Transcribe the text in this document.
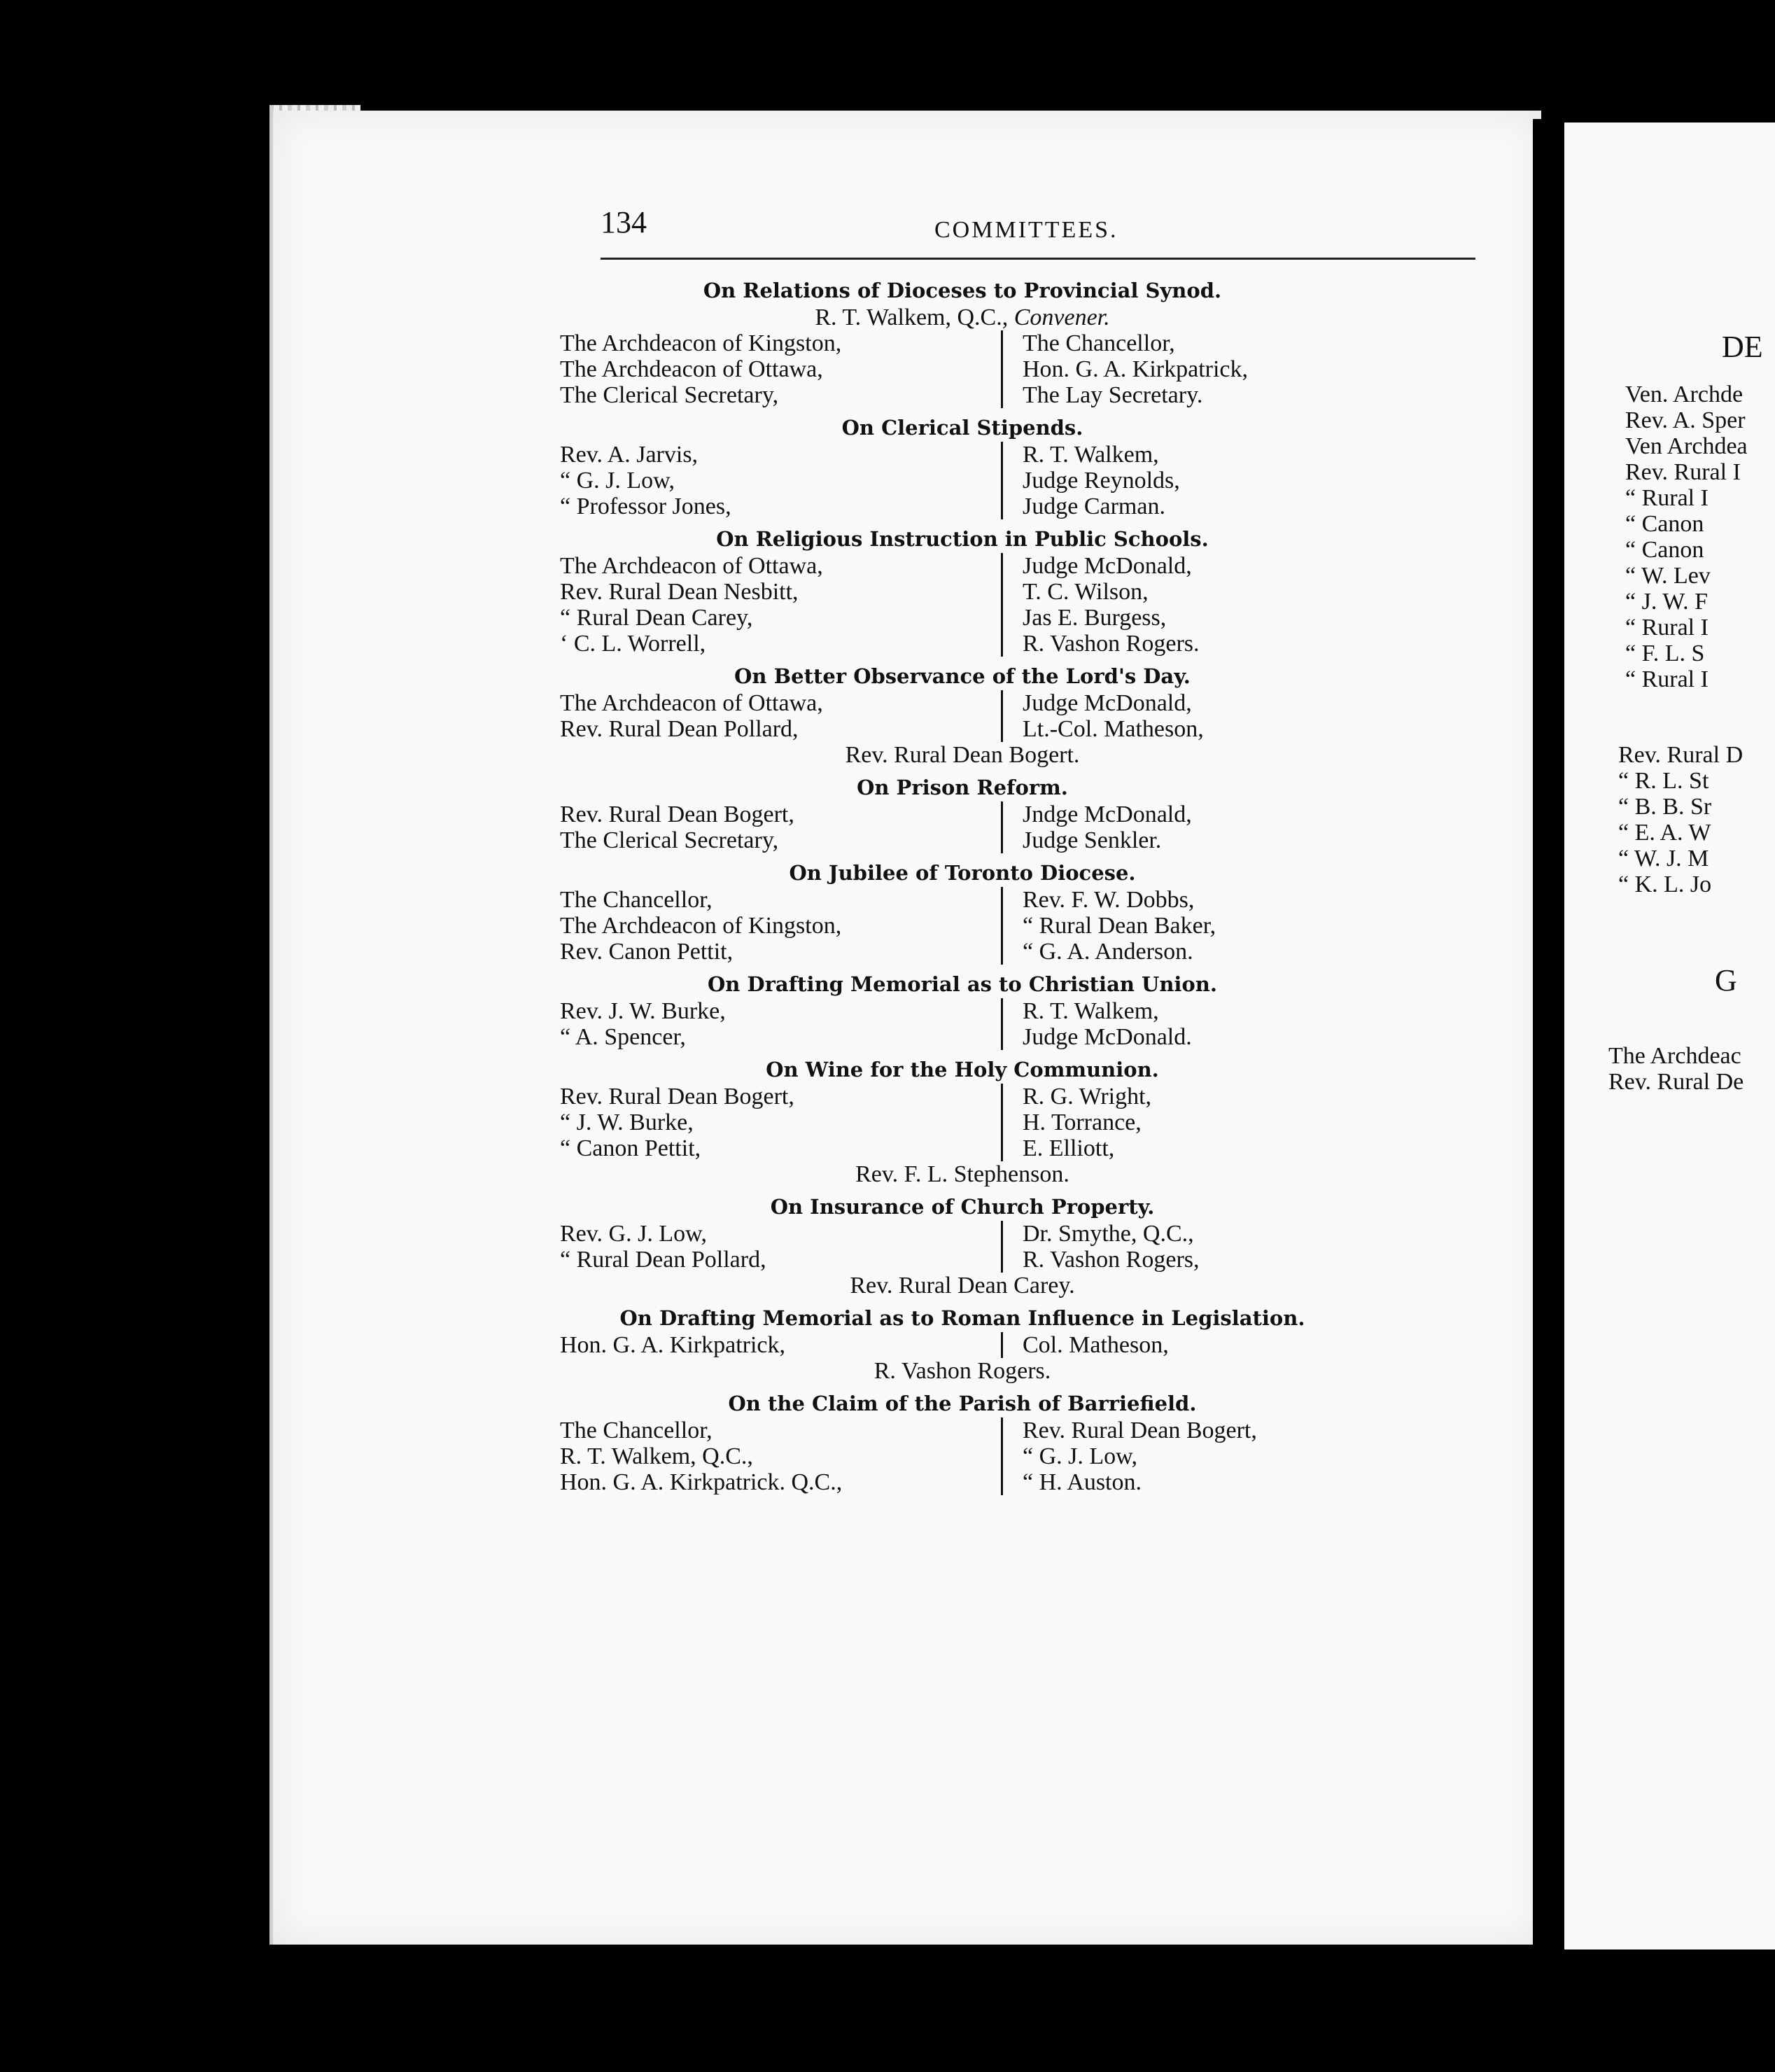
134	COMMITTEES.
On Relations of Dioceses to Provincial Synod.
R. T. Walkem, Q.C., Convener.
The Archdeacon of Kingston,
The Archdeacon of Ottawa,
The Clerical Secretary,
The Chancellor,
Hon. G. A. Kirkpatrick,
The Lay Secretary.
On Clerical Stipends.
Rev. A. Jarvis,
“ G. J. Low,
“ Professor Jones,
R. T. Walkem,
Judge Reynolds,
Judge Carman.
On Religious Instruction in Public Schools.
The Archdeacon of Ottawa,
Rev. Rural Dean Nesbitt,
“ Rural Dean Carey,
‘ C. L. Worrell,
Judge McDonald,
T. C. Wilson,
Jas E. Burgess,
R. Vashon Rogers.
On Better Observance of the Lord's Day.
The Archdeacon of Ottawa,
Rev. Rural Dean Pollard,
Judge McDonald,
Lt.-Col. Matheson,
Rev. Rural Dean Bogert.
On Prison Reform.
Rev. Rural Dean Bogert,
The Clerical Secretary,
Jndge McDonald,
Judge Senkler.
On Jubilee of Toronto Diocese.
The Chancellor,
The Archdeacon of Kingston,
Rev. Canon Pettit,
Rev. F. W. Dobbs,
“ Rural Dean Baker,
“ G. A. Anderson.
On Drafting Memorial as to Christian Union.
Rev. J. W. Burke,
“ A. Spencer,
R. T. Walkem,
Judge McDonald.
On Wine for the Holy Communion.
Rev. Rural Dean Bogert,
“ J. W. Burke,
“ Canon Pettit,
R. G. Wright,
H. Torrance,
E. Elliott,
Rev. F. L. Stephenson.
On Insurance of Church Property.
Rev. G. J. Low,
“ Rural Dean Pollard,
Dr. Smythe, Q.C.,
R. Vashon Rogers,
Rev. Rural Dean Carey.
On Drafting Memorial as to Roman Influence in Legislation.
Hon. G. A. Kirkpatrick,	Col. Matheson,
R. Vashon Rogers.
On the Claim of the Parish of Barriefield.
The Chancellor,
R. T. Walkem, Q.C.,
Hon. G. A. Kirkpatrick. Q.C.,
Rev. Rural Dean Bogert,
“ G. J. Low,
“ H. Auston.
DE
Ven. Archde
Rev. A. Sper
Ven Archdea
Rev. Rural I
“ Rural I
“ Canon
“ Canon
“ W. Lev
“ J. W. F
“ Rural I
“ F. L. S
“ Rural I
Rev. Rural D
“ R. L. St
“ B. B. Sr
“ E. A. W
“ W. J. M
“ K. L. Jo
G
The Archdeac
Rev. Rural De
